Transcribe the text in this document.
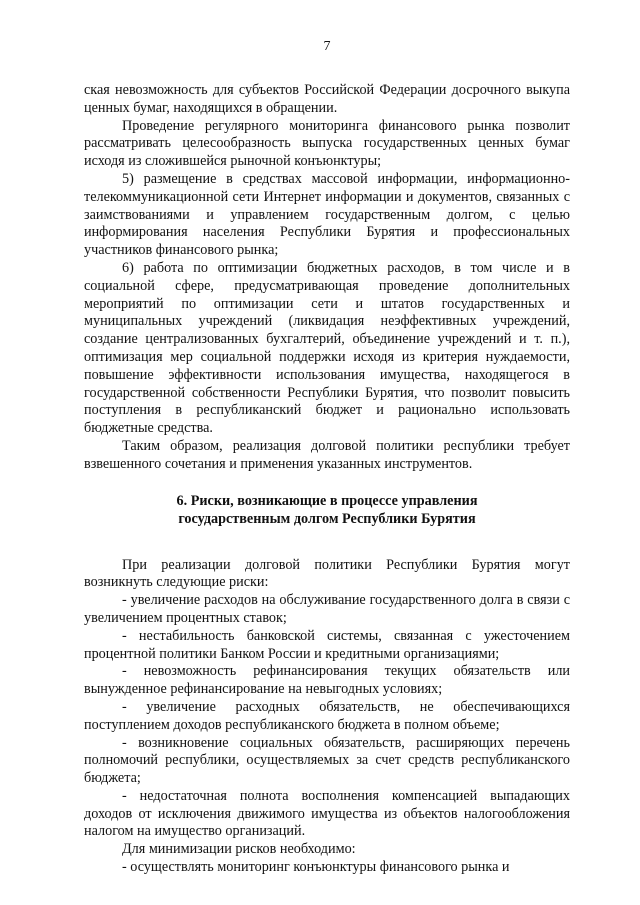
7

ская невозможность для субъектов Российской Федерации досрочного выкупа ценных бумаг, находящихся в обращении.

Проведение регулярного мониторинга финансового рынка позволит рассматривать целесообразность выпуска государственных ценных бумаг исходя из сложившейся рыночной конъюнктуры;

5) размещение в средствах массовой информации, информационно-телекоммуникационной сети Интернет информации и документов, связанных с заимствованиями и управлением государственным долгом, с целью информирования населения Республики Бурятия и профессиональных участников финансового рынка;

6) работа по оптимизации бюджетных расходов, в том числе и в социальной сфере, предусматривающая проведение дополнительных мероприятий по оптимизации сети и штатов государственных и муниципальных учреждений (ликвидация неэффективных учреждений, создание централизованных бухгалтерий, объединение учреждений и т. п.), оптимизация мер социальной поддержки исходя из критерия нуждаемости, повышение эффективности использования имущества, находящегося в государственной собственности Республики Бурятия, что позволит повысить поступления в республиканский бюджет и рационально использовать бюджетные средства.

Таким образом, реализация долговой политики республики требует взвешенного сочетания и применения указанных инструментов.

6. Риски, возникающие в процессе управления
государственным долгом Республики Бурятия

При реализации долговой политики Республики Бурятия могут возникнуть следующие риски:

- увеличение расходов на обслуживание государственного долга в связи с увеличением процентных ставок;

- нестабильность банковской системы, связанная с ужесточением процентной политики Банком России и кредитными организациями;

- невозможность рефинансирования текущих обязательств или вынужденное рефинансирование на невыгодных условиях;

- увеличение расходных обязательств, не обеспечивающихся поступлением доходов республиканского бюджета в полном объеме;

- возникновение социальных обязательств, расширяющих перечень полномочий республики, осуществляемых за счет средств республиканского бюджета;

- недостаточная полнота восполнения компенсацией выпадающих доходов от исключения движимого имущества из объектов налогообложения налогом на имущество организаций.

Для минимизации рисков необходимо:

- осуществлять мониторинг конъюнктуры финансового рынка и
